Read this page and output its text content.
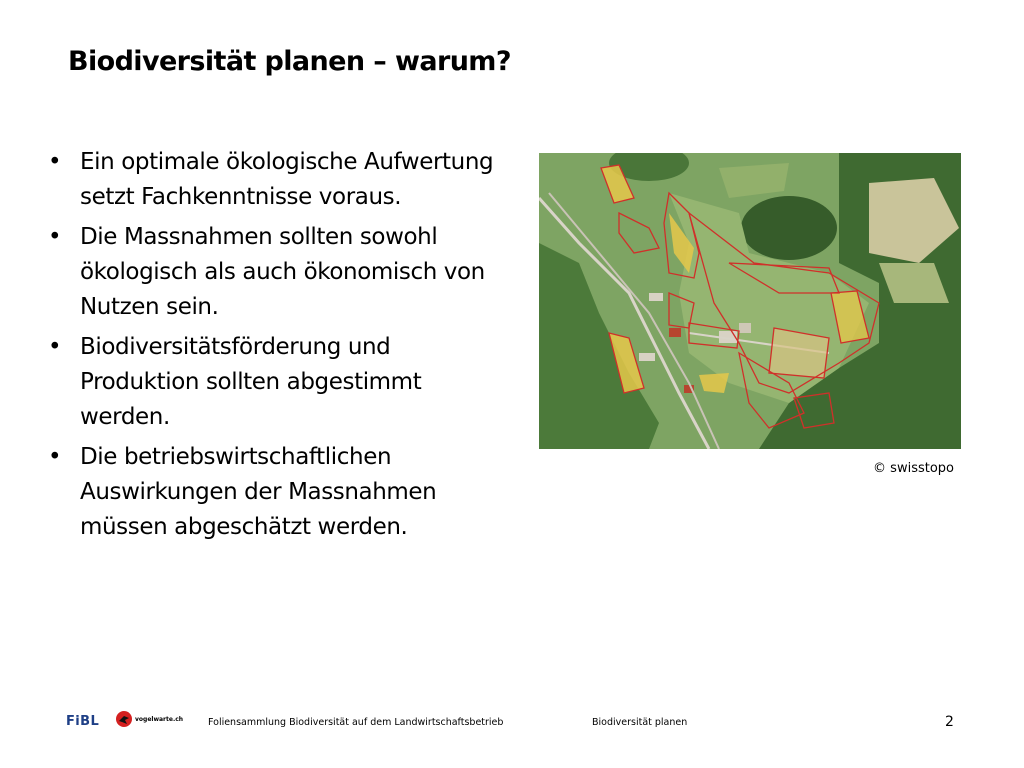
Biodiversität planen – warum?
• Ein optimale ökologische Aufwertung setzt Fachkenntnisse voraus.
• Die Massnahmen sollten sowohl ökologisch als auch ökonomisch von Nutzen sein.
• Biodiversitätsförderung und Produktion sollten abgestimmt werden.
• Die betriebswirtschaftlichen Auswirkungen der Massnahmen müssen abgeschätzt werden.
© swisstopo
FiBL	vogelwarte.ch	Foliensammlung Biodiversität auf dem Landwirtschaftsbetrieb	Biodiversität planen	2
